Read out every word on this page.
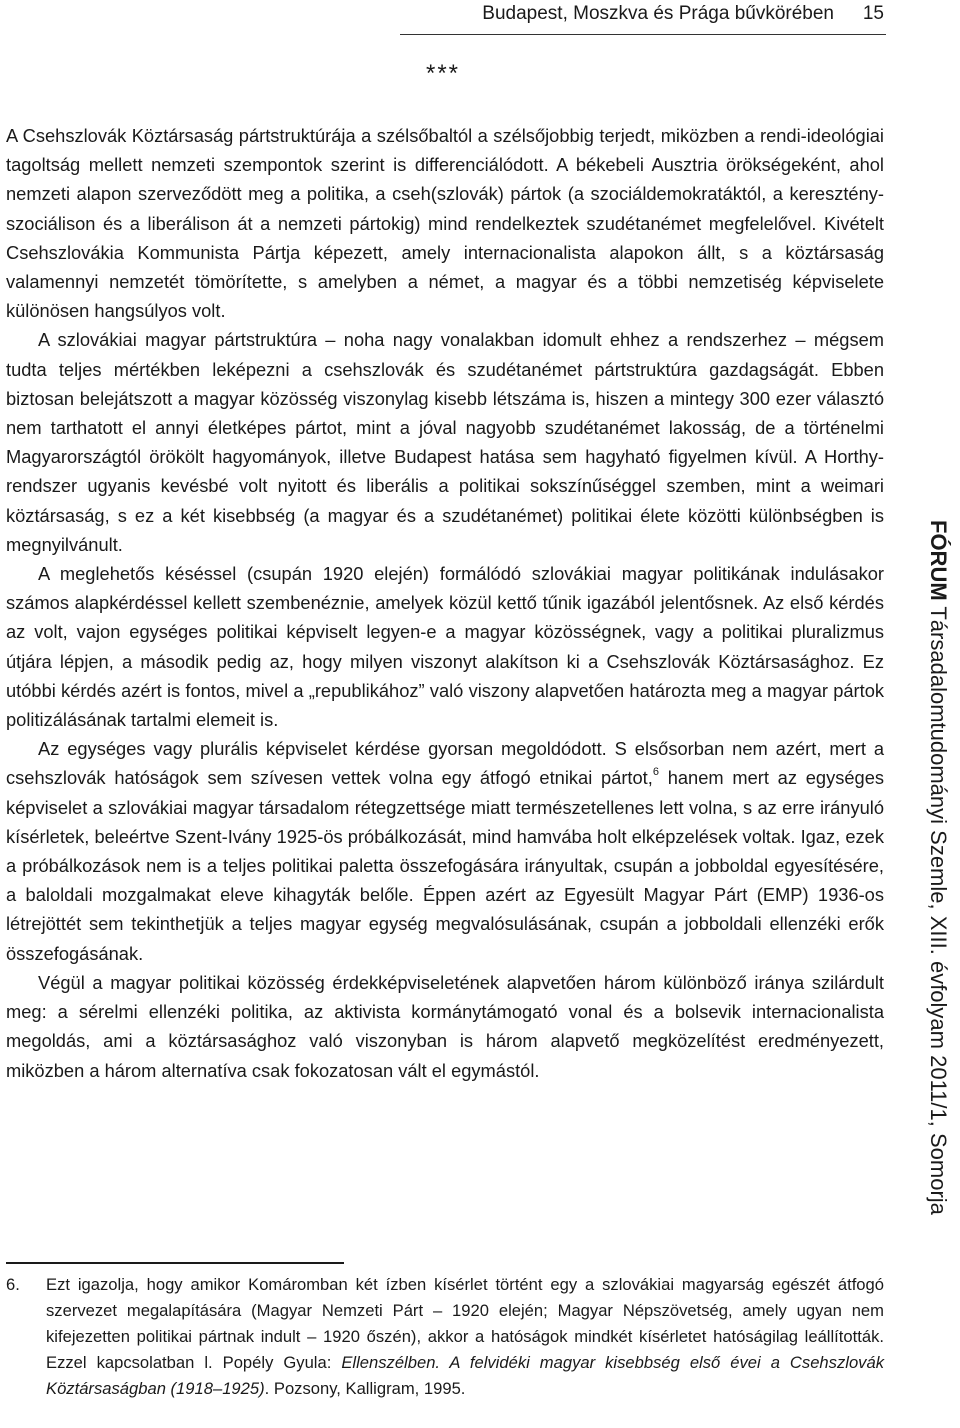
Budapest, Moszkva és Prága bűvkörében 15
***

A Csehszlovák Köztársaság pártstruktúrája a szélsőbaltól a szélsőjobbig terjedt, miközben a rendi-ideológiai tagoltság mellett nemzeti szempontok szerint is differenciálódott. A békebeli Ausztria örökségeként, ahol nemzeti alapon szerveződött meg a politika, a cseh(szlovák) pártok (a szociáldemokratáktól, a keresztény-szociálison és a liberálison át a nemzeti pártokig) mind rendelkeztek szudétanémet megfelelővel. Kivételt Csehszlovákia Kommunista Pártja képezett, amely internacionalista alapokon állt, s a köztársaság valamennyi nemzetét tömörítette, s amelyben a német, a magyar és a többi nemzetiség képviselete különösen hangsúlyos volt.

A szlovákiai magyar pártstruktúra – noha nagy vonalakban idomult ehhez a rendszerhez – mégsem tudta teljes mértékben leképezni a csehszlovák és szudétanémet pártstruktúra gazdagságát. Ebben biztosan belejátszott a magyar közösség viszonylag kisebb létszáma is, hiszen a mintegy 300 ezer választó nem tarthatott el annyi életképes pártot, mint a jóval nagyobb szudétanémet lakosság, de a történelmi Magyarországtól örökölt hagyományok, illetve Budapest hatása sem hagyható figyelmen kívül. A Horthy-rendszer ugyanis kevésbé volt nyitott és liberális a politikai sokszínűséggel szemben, mint a weimari köztársaság, s ez a két kisebbség (a magyar és a szudétanémet) politikai élete közötti különbségben is megnyilvánult.

A meglehetős késéssel (csupán 1920 elején) formálódó szlovákiai magyar politikának indulásakor számos alapkérdéssel kellett szembenéznie, amelyek közül kettő tűnik igazából jelentősnek. Az első kérdés az volt, vajon egységes politikai képviselt legyen-e a magyar közösségnek, vagy a politikai pluralizmus útjára lépjen, a második pedig az, hogy milyen viszonyt alakítson ki a Csehszlovák Köztársasághoz. Ez utóbbi kérdés azért is fontos, mivel a „republikához” való viszony alapvetően határozta meg a magyar pártok politizálásának tartalmi elemeit is.

Az egységes vagy plurális képviselet kérdése gyorsan megoldódott. S elsősorban nem azért, mert a csehszlovák hatóságok sem szívesen vettek volna egy átfogó etnikai pártot,$^6$ hanem mert az egységes képviselet a szlovákiai magyar társadalom rétegzettsége miatt természetellenes lett volna, s az erre irányuló kísérletek, beleértve Szent-Ivány 1925-ös próbálkozását, mind hamvába holt elképzelések voltak. Igaz, ezek a próbálkozások nem is a teljes politikai paletta összefogására irányultak, csupán a jobboldal egyesítésére, a baloldali mozgalmakat eleve kihagyták belőle. Éppen azért az Egyesült Magyar Párt (EMP) 1936-os létrejöttét sem tekinthetjük a teljes magyar egység megvalósulásának, csupán a jobboldali ellenzéki erők összefogásának.

Végül a magyar politikai közösség érdekképviseletének alapvetően három különböző iránya szilárdult meg: a sérelmi ellenzéki politika, az aktivista kormánytámogató vonal és a bolsevik internacionalista megoldás, ami a köztársasághoz való viszonyban is három alapvető megközelítést eredményezett, miközben a három alternatíva csak fokozatosan vált el egymástól.

6. Ezt igazolja, hogy amikor Komáromban két ízben kísérlet történt egy a szlovákiai magyarság egészét átfogó szervezet megalapítására (Magyar Nemzeti Párt – 1920 elején; Magyar Népszövetség, amely ugyan nem kifejezetten politikai pártnak indult – 1920 őszén), akkor a hatóságok mindkét kísérletet hatóságilag leállították. Ezzel kapcsolatban l. Popély Gyula: Ellenszélben. A felvidéki magyar kisebbség első évei a Csehszlovák Köztársaságban (1918–1925). Pozsony, Kalligram, 1995.
FÓRUM Társadalomtudományi Szemle, XIII. évfolyam 2011/1, Somorja
